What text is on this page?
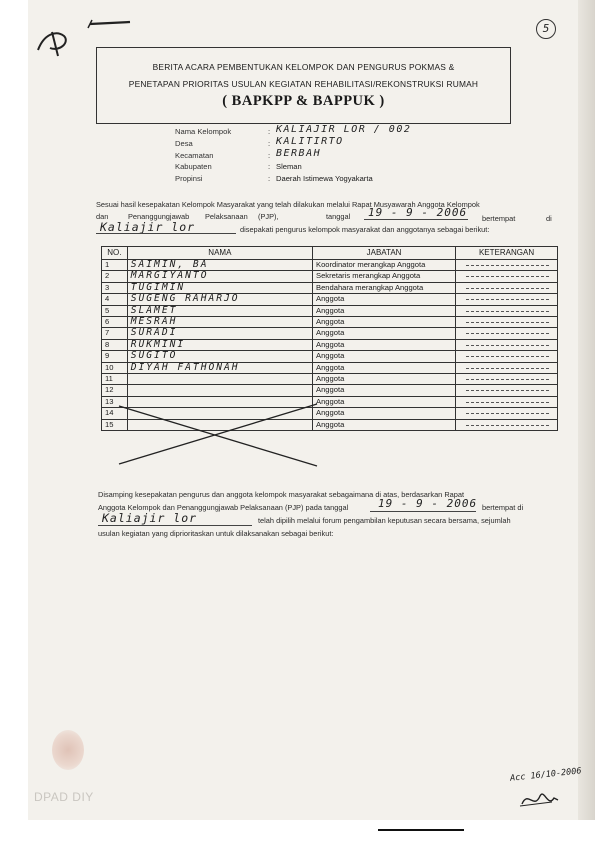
5
BERITA ACARA PEMBENTUKAN KELOMPOK DAN PENGURUS POKMAS &
PENETAPAN PRIORITAS USULAN KEGIATAN REHABILITASI/REKONSTRUKSI RUMAH
( BAPKPP & BAPPUK )
Nama Kelompok	: KALIAJIR LOR / 002
Desa	: KALITIRTO
Kecamatan	: BERBAH
Kabupaten	: Sleman
Propinsi	: Daerah Istimewa Yogyakarta
Sesuai hasil kesepakatan Kelompok Masyarakat yang telah dilakukan melalui Rapat Musyawarah Anggota Kelompok
dan	Penanggungjawab Pelaksanaan (PJP),	tanggal 19 - 9 - 2006 bertempat	di
Kaliajir lor	disepakati pengurus kelompok masyarakat dan anggotanya sebagai berikut:
NO.	NAMA	JABATAN	KETERANGAN
1	SAIMIN, BA	Koordinator merangkap Anggota	
2	MARGIYANTO	Sekretaris merangkap Anggota	
3	TUGIMIN	Bendahara merangkap Anggota	
4	SUGENG RAHARJO	Anggota	
5	SLAMET	Anggota	
6	MESRAH	Anggota	
7	SURADI	Anggota	
8	RUKMINI	Anggota	
9	SUGITO	Anggota	
10	DIYAH FATHONAH	Anggota	
11		Anggota	
12		Anggota	
13		Anggota	
14		Anggota	
15		Anggota	
Disamping kesepakatan pengurus dan anggota kelompok masyarakat sebagaimana di atas, berdasarkan Rapat
Anggota Kelompok dan Penanggungjawab Pelaksanaan (PJP) pada tanggal	19 - 9 - 2006 bertempat di
Kaliajir lor	telah dipilih melalui forum pengambilan keputusan secara bersama, sejumlah
usulan kegiatan yang diprioritaskan untuk dilaksanakan sebagai berikut:
Acc 16/10-2006
DPAD DIY
